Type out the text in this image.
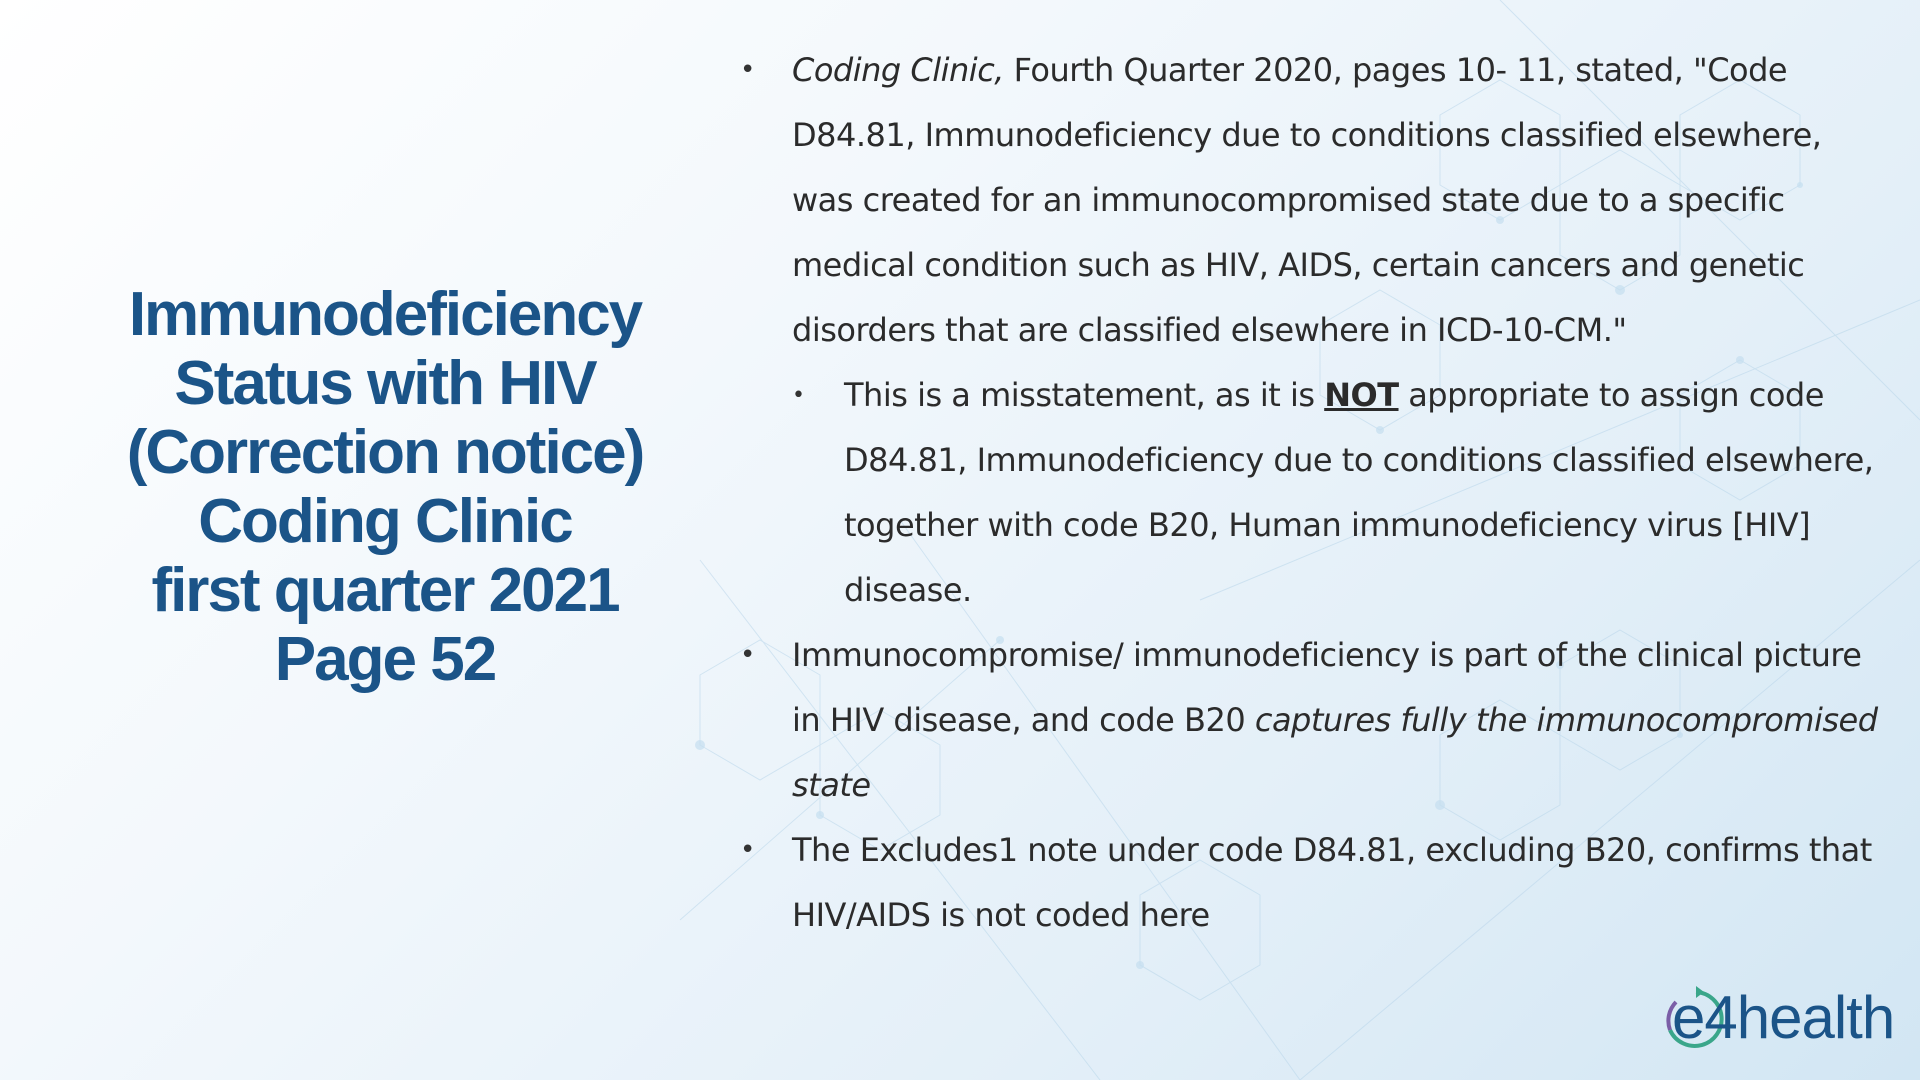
Immunodeficiency
Status with HIV
(Correction notice)
Coding Clinic
first quarter 2021
Page 52
• Coding Clinic, Fourth Quarter 2020, pages 10- 11, stated, "Code D84.81, Immunodeficiency due to conditions classified elsewhere, was created for an immunocompromised state due to a specific medical condition such as HIV, AIDS, certain cancers and genetic disorders that are classified elsewhere in ICD-10-CM."
• This is a misstatement, as it is NOT appropriate to assign code D84.81, Immunodeficiency due to conditions classified elsewhere, together with code B20, Human immunodeficiency virus [HIV] disease.
• Immunocompromise/ immunodeficiency is part of the clinical picture in HIV disease, and code B20 captures fully the immunocompromised state
• The Excludes1 note under code D84.81, excluding B20, confirms that HIV/AIDS is not coded here
e4health
